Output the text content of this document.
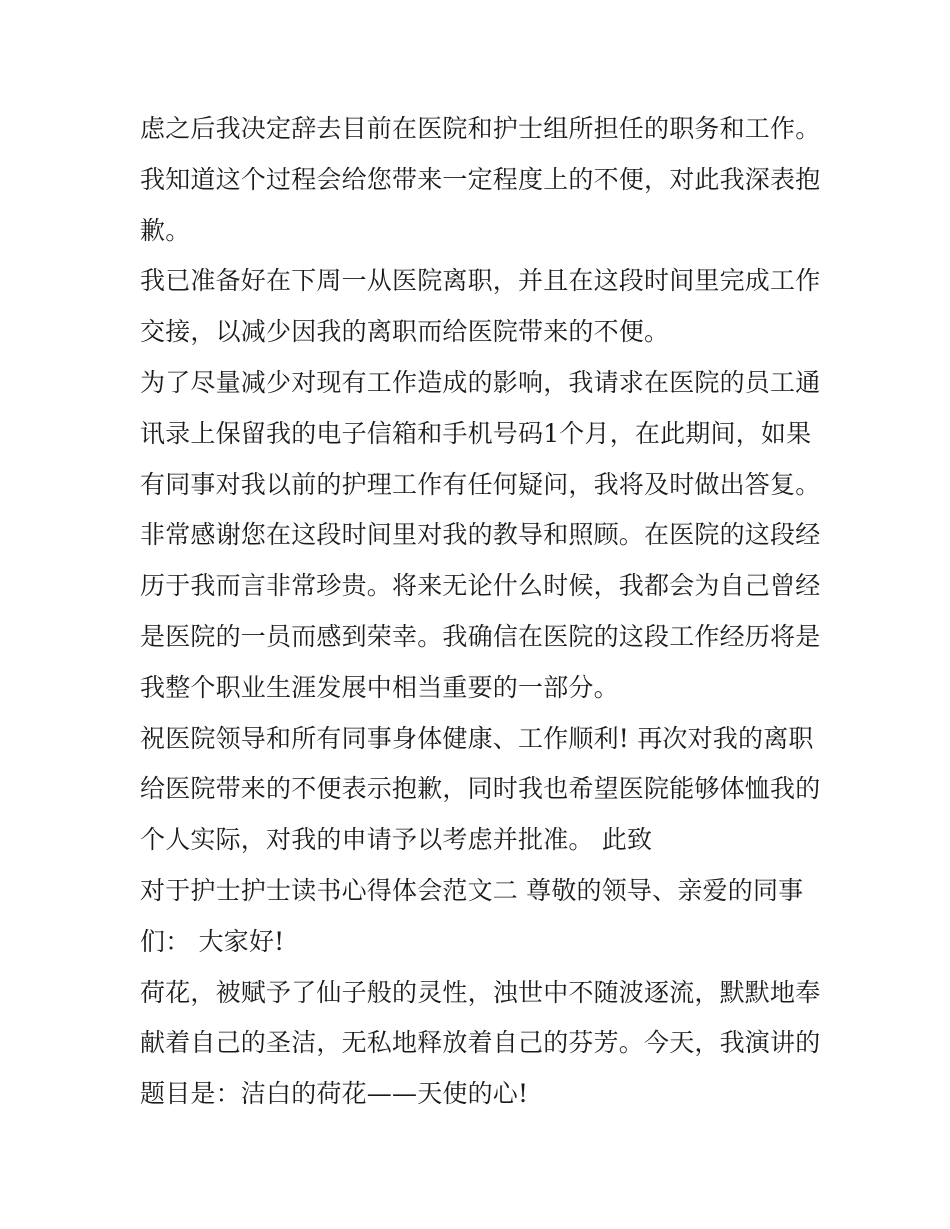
虑之后我决定辞去目前在医院和护士组所担任的职务和工作。
我知道这个过程会给您带来一定程度上的不便，对此我深表抱
歉。
我已准备好在下周一从医院离职，并且在这段时间里完成工作
交接，以减少因我的离职而给医院带来的不便。
为了尽量减少对现有工作造成的影响，我请求在医院的员工通
讯录上保留我的电子信箱和手机号码1个月，在此期间，如果
有同事对我以前的护理工作有任何疑问，我将及时做出答复。
非常感谢您在这段时间里对我的教导和照顾。在医院的这段经
历于我而言非常珍贵。将来无论什么时候，我都会为自己曾经
是医院的一员而感到荣幸。我确信在医院的这段工作经历将是
我整个职业生涯发展中相当重要的一部分。
祝医院领导和所有同事身体健康、工作顺利! 再次对我的离职
给医院带来的不便表示抱歉，同时我也希望医院能够体恤我的
个人实际，对我的申请予以考虑并批准。 此致
对于护士护士读书心得体会范文二 尊敬的领导、亲爱的同事
们： 大家好!
荷花，被赋予了仙子般的灵性，浊世中不随波逐流，默默地奉
献着自己的圣洁，无私地释放着自己的芬芳。今天，我演讲的
题目是：洁白的荷花——天使的心!
